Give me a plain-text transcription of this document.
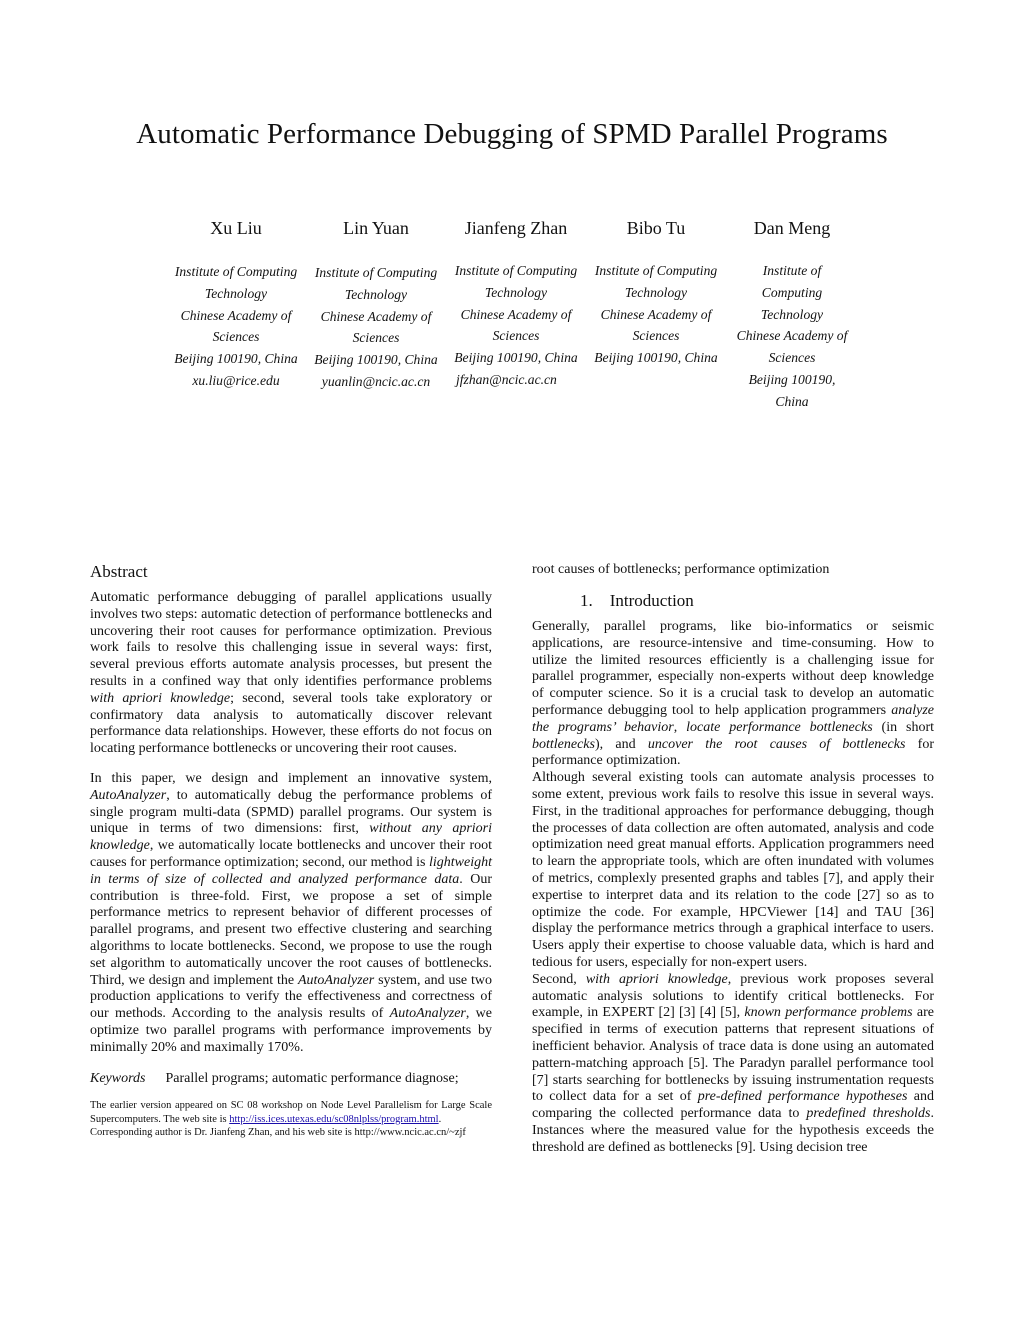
Automatic Performance Debugging of SPMD Parallel Programs
Xu Liu
Institute of Computing Technology
Chinese Academy of Sciences
Beijing 100190, China
xu.liu@rice.edu
Lin Yuan
Institute of Computing Technology
Chinese Academy of Sciences
Beijing 100190, China
yuanlin@ncic.ac.cn
Jianfeng Zhan
Institute of Computing Technology
Chinese Academy of Sciences
Beijing 100190, China
jfzhan@ncic.ac.cn
Bibo Tu
Institute of Computing Technology
Chinese Academy of Sciences
Beijing 100190, China
Dan Meng
Institute of Computing Technology
Chinese Academy of Sciences
Beijing 100190, China
Abstract

Automatic performance debugging of parallel applications usually involves two steps: automatic detection of performance bottlenecks and uncovering their root causes for performance optimization. Previous work fails to resolve this challenging issue in several ways: first, several previous efforts automate analysis processes, but present the results in a confined way that only identifies performance problems with apriori knowledge; second, several tools take exploratory or confirmatory data analysis to automatically discover relevant performance data relationships. However, these efforts do not focus on locating performance bottlenecks or uncovering their root causes.

In this paper, we design and implement an innovative system, AutoAnalyzer, to automatically debug the performance problems of single program multi-data (SPMD) parallel programs. Our system is unique in terms of two dimensions: first, without any apriori knowledge, we automatically locate bottlenecks and uncover their root causes for performance optimization; second, our method is lightweight in terms of size of collected and analyzed performance data. Our contribution is three-fold. First, we propose a set of simple performance metrics to represent behavior of different processes of parallel programs, and present two effective clustering and searching algorithms to locate bottlenecks. Second, we propose to use the rough set algorithm to automatically uncover the root causes of bottlenecks. Third, we design and implement the AutoAnalyzer system, and use two production applications to verify the effectiveness and correctness of our methods. According to the analysis results of AutoAnalyzer, we optimize two parallel programs with performance improvements by minimally 20% and maximally 170%.

Keywords Parallel programs; automatic performance diagnose;

The earlier version appeared on SC 08 workshop on Node Level Parallelism for Large Scale Supercomputers. The web site is http://iss.ices.utexas.edu/sc08nlplss/program.html.

Corresponding author is Dr. Jianfeng Zhan, and his web site is http://www.ncic.ac.cn/~zjf

root causes of bottlenecks; performance optimization

1. Introduction

Generally, parallel programs, like bio-informatics or seismic applications, are resource-intensive and time-consuming. How to utilize the limited resources efficiently is a challenging issue for parallel programmer, especially non-experts without deep knowledge of computer science. So it is a crucial task to develop an automatic performance debugging tool to help application programmers analyze the programs’ behavior, locate performance bottlenecks (in short bottlenecks), and uncover the root causes of bottlenecks for performance optimization.

Although several existing tools can automate analysis processes to some extent, previous work fails to resolve this issue in several ways. First, in the traditional approaches for performance debugging, though the processes of data collection are often automated, analysis and code optimization need great manual efforts. Application programmers need to learn the appropriate tools, which are often inundated with volumes of metrics, complexly presented graphs and tables [7], and apply their expertise to interpret data and its relation to the code [27] so as to optimize the code. For example, HPCViewer [14] and TAU [36] display the performance metrics through a graphical interface to users. Users apply their expertise to choose valuable data, which is hard and tedious for users, especially for non-expert users.

Second, with apriori knowledge, previous work proposes several automatic analysis solutions to identify critical bottlenecks. For example, in EXPERT [2] [3] [4] [5], known performance problems are specified in terms of execution patterns that represent situations of inefficient behavior. Analysis of trace data is done using an automated pattern-matching approach [5]. The Paradyn parallel performance tool [7] starts searching for bottlenecks by issuing instrumentation requests to collect data for a set of pre-defined performance hypotheses and comparing the collected performance data to predefined thresholds. Instances where the measured value for the hypothesis exceeds the threshold are defined as bottlenecks [9]. Using decision tree
